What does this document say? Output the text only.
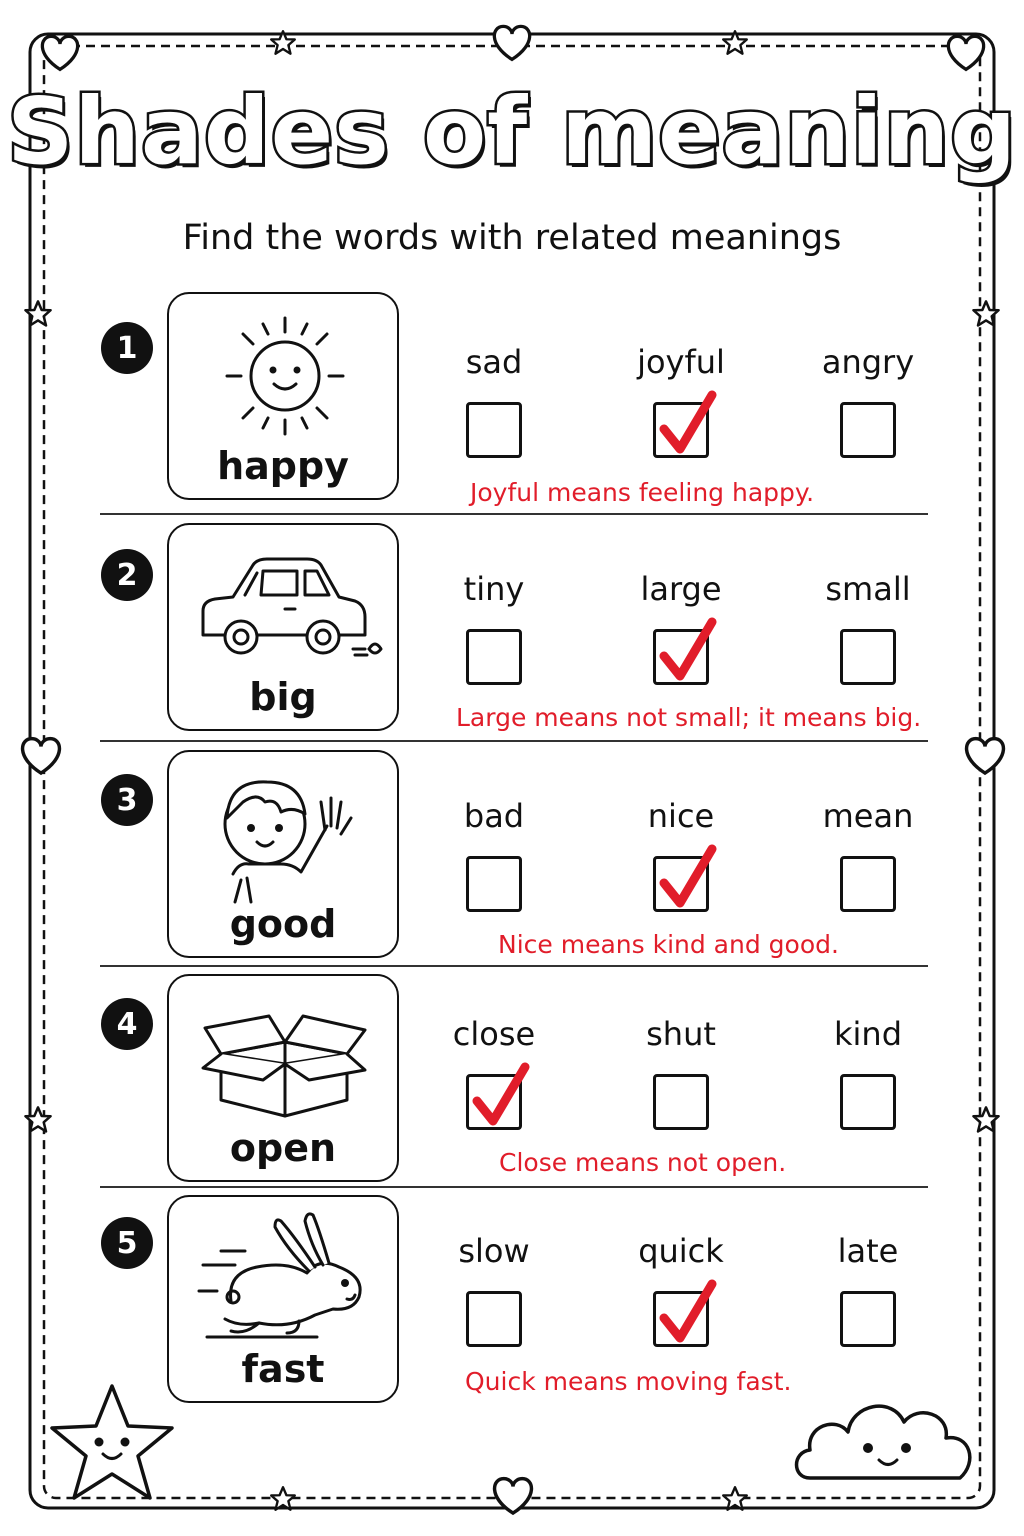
Shades of meaning
Find the words with related meanings
1
happy
sad	joyful	angry
Joyful means feeling happy.
2
big
tiny	large	small
Large means not small; it means big.
3
good
bad	nice	mean
Nice means kind and good.
4
open
close	shut	kind
Close means not open.
5
fast
slow	quick	late
Quick means moving fast.
